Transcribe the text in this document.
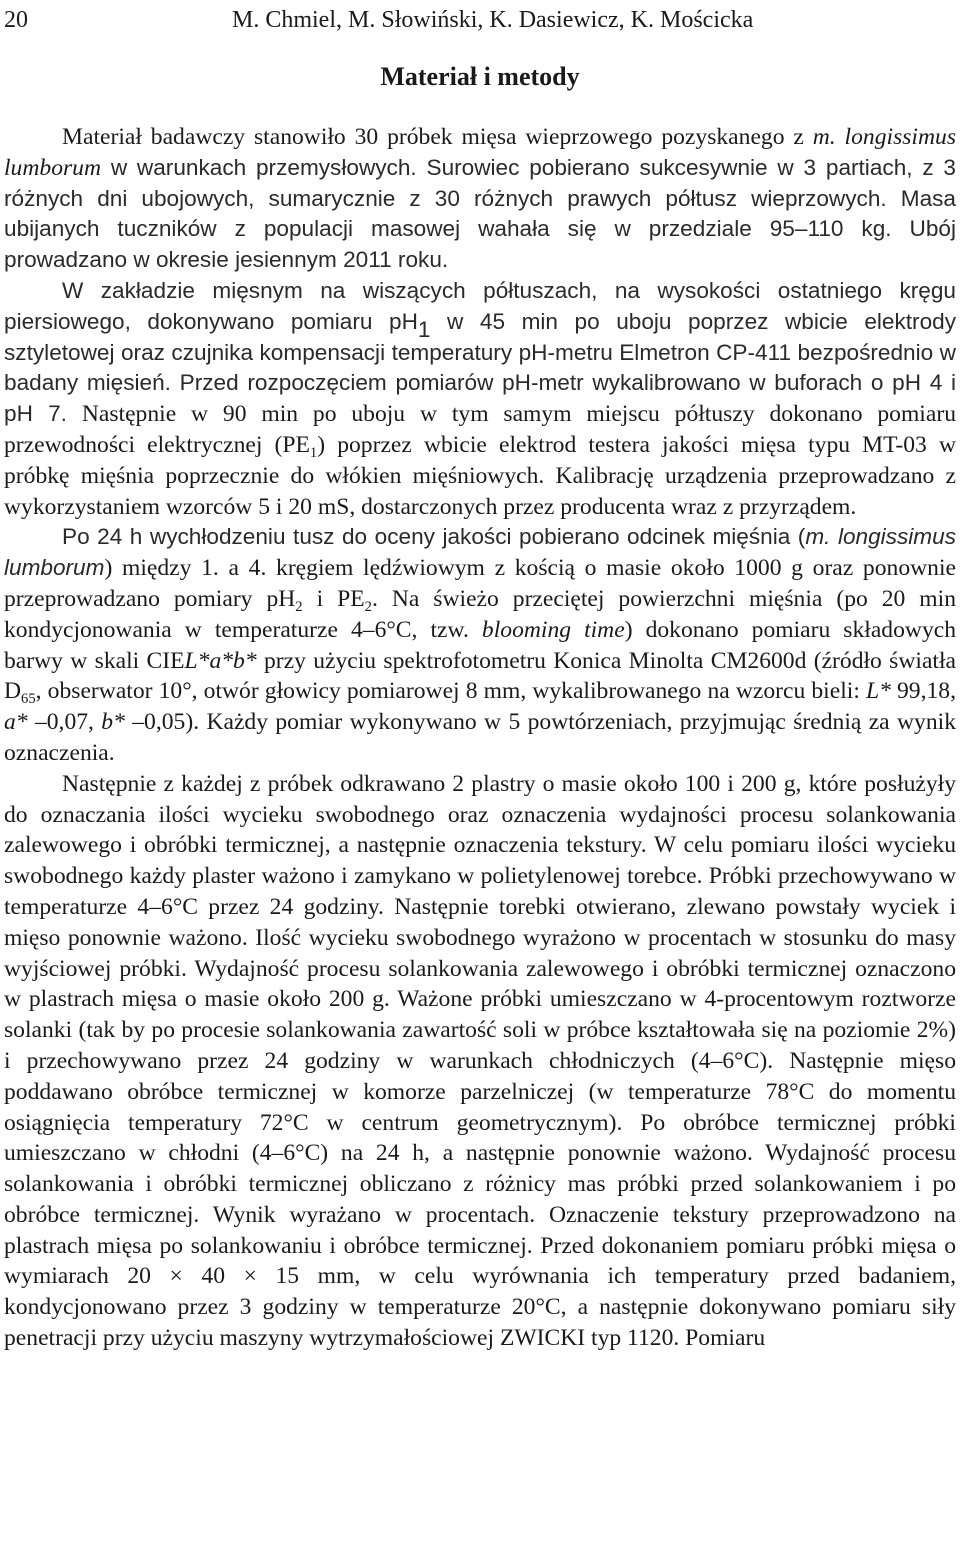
20	M. Chmiel, M. Słowiński, K. Dasiewicz, K. Mościcka
Materiał i metody

Materiał badawczy stanowiło 30 próbek mięsa wieprzowego pozyskanego z m. longissimus lumborum w warunkach przemysłowych. Surowiec pobierano sukcesywnie w 3 partiach, z 3 różnych dni ubojowych, sumarycznie z 30 różnych prawych półtusz wieprzowych. Masa ubijanych tuczników z populacji masowej wahała się w przedziale 95–110 kg. Ubój prowadzano w okresie jesiennym 2011 roku.

W zakładzie mięsnym na wiszących półtuszach, na wysokości ostatniego kręgu piersiowego, dokonywano pomiaru $pH_1$ w 45 min po uboju poprzez wbicie elektrody sztyletowej oraz czujnika kompensacji temperatury pH-metru Elmetron CP-411 bezpośrednio w badany mięsień. Przed rozpoczęciem pomiarów pH-metr wykalibrowano w buforach o pH 4 i pH 7. Następnie w 90 min po uboju w tym samym miejscu półtuszy dokonano pomiaru przewodności elektrycznej $(PE_1)$ poprzez wbicie elektrod testera jakości mięsa typu MT-03 w próbkę mięśnia poprzecznie do włókien mięśniowych. Kalibrację urządzenia przeprowadzano z wykorzystaniem wzorców 5 i 20 mS, dostarczonych przez producenta wraz z przyrządem.

Po 24 h wychłodzeniu tusz do oceny jakości pobierano odcinek mięśnia (m. longissimus lumborum) między 1. a 4. kręgiem lędźwiowym z kością o masie około 1000 g oraz ponownie przeprowadzano pomiary $pH_2$ i $PE_2$. Na świeżo przeciętej powierzchni mięśnia (po 20 min kondycjonowania w temperaturze 4–6°C, tzw. blooming time) dokonano pomiaru składowych barwy w skali CIEL*a*b* przy użyciu spektrofotometru Konica Minolta CM2600d (źródło światła $D_{65}$, obserwator 10°, otwór głowicy pomiarowej 8 mm, wykalibrowanego na wzorcu bieli: L* 99,18, a* –0,07, b* –0,05). Każdy pomiar wykonywano w 5 powtórzeniach, przyjmując średnią za wynik oznaczenia.

Następnie z każdej z próbek odkrawano 2 plastry o masie około 100 i 200 g, które posłużyły do oznaczania ilości wycieku swobodnego oraz oznaczenia wydajności procesu solankowania zalewowego i obróbki termicznej, a następnie oznaczenia tekstury. W celu pomiaru ilości wycieku swobodnego każdy plaster ważono i zamykano w polietylenowej torebce. Próbki przechowywano w temperaturze 4–6°C przez 24 godziny. Następnie torebki otwierano, zlewano powstały wyciek i mięso ponownie ważono. Ilość wycieku swobodnego wyrażono w procentach w stosunku do masy wyjściowej próbki. Wydajność procesu solankowania zalewowego i obróbki termicznej oznaczono w plastrach mięsa o masie około 200 g. Ważone próbki umieszczano w 4-procentowym roztworze solanki (tak by po procesie solankowania zawartość soli w próbce kształtowała się na poziomie 2%) i przechowywano przez 24 godziny w warunkach chłodniczych (4–6°C). Następnie mięso poddawano obróbce termicznej w komorze parzelniczej (w temperaturze 78°C do momentu osiągnięcia temperatury 72°C w centrum geometrycznym). Po obróbce termicznej próbki umieszczano w chłodni (4–6°C) na 24 h, a następnie ponownie ważono. Wydajność procesu solankowania i obróbki termicznej obliczano z różnicy mas próbki przed solankowaniem i po obróbce termicznej. Wynik wyrażano w procentach. Oznaczenie tekstury przeprowadzono na plastrach mięsa po solankowaniu i obróbce termicznej. Przed dokonaniem pomiaru próbki mięsa o wymiarach 20 × 40 × 15 mm, w celu wyrównania ich temperatury przed badaniem, kondycjonowano przez 3 godziny w temperaturze 20°C, a następnie dokonywano pomiaru siły penetracji przy użyciu maszyny wytrzymałościowej ZWICKI typ 1120. Pomiaru
